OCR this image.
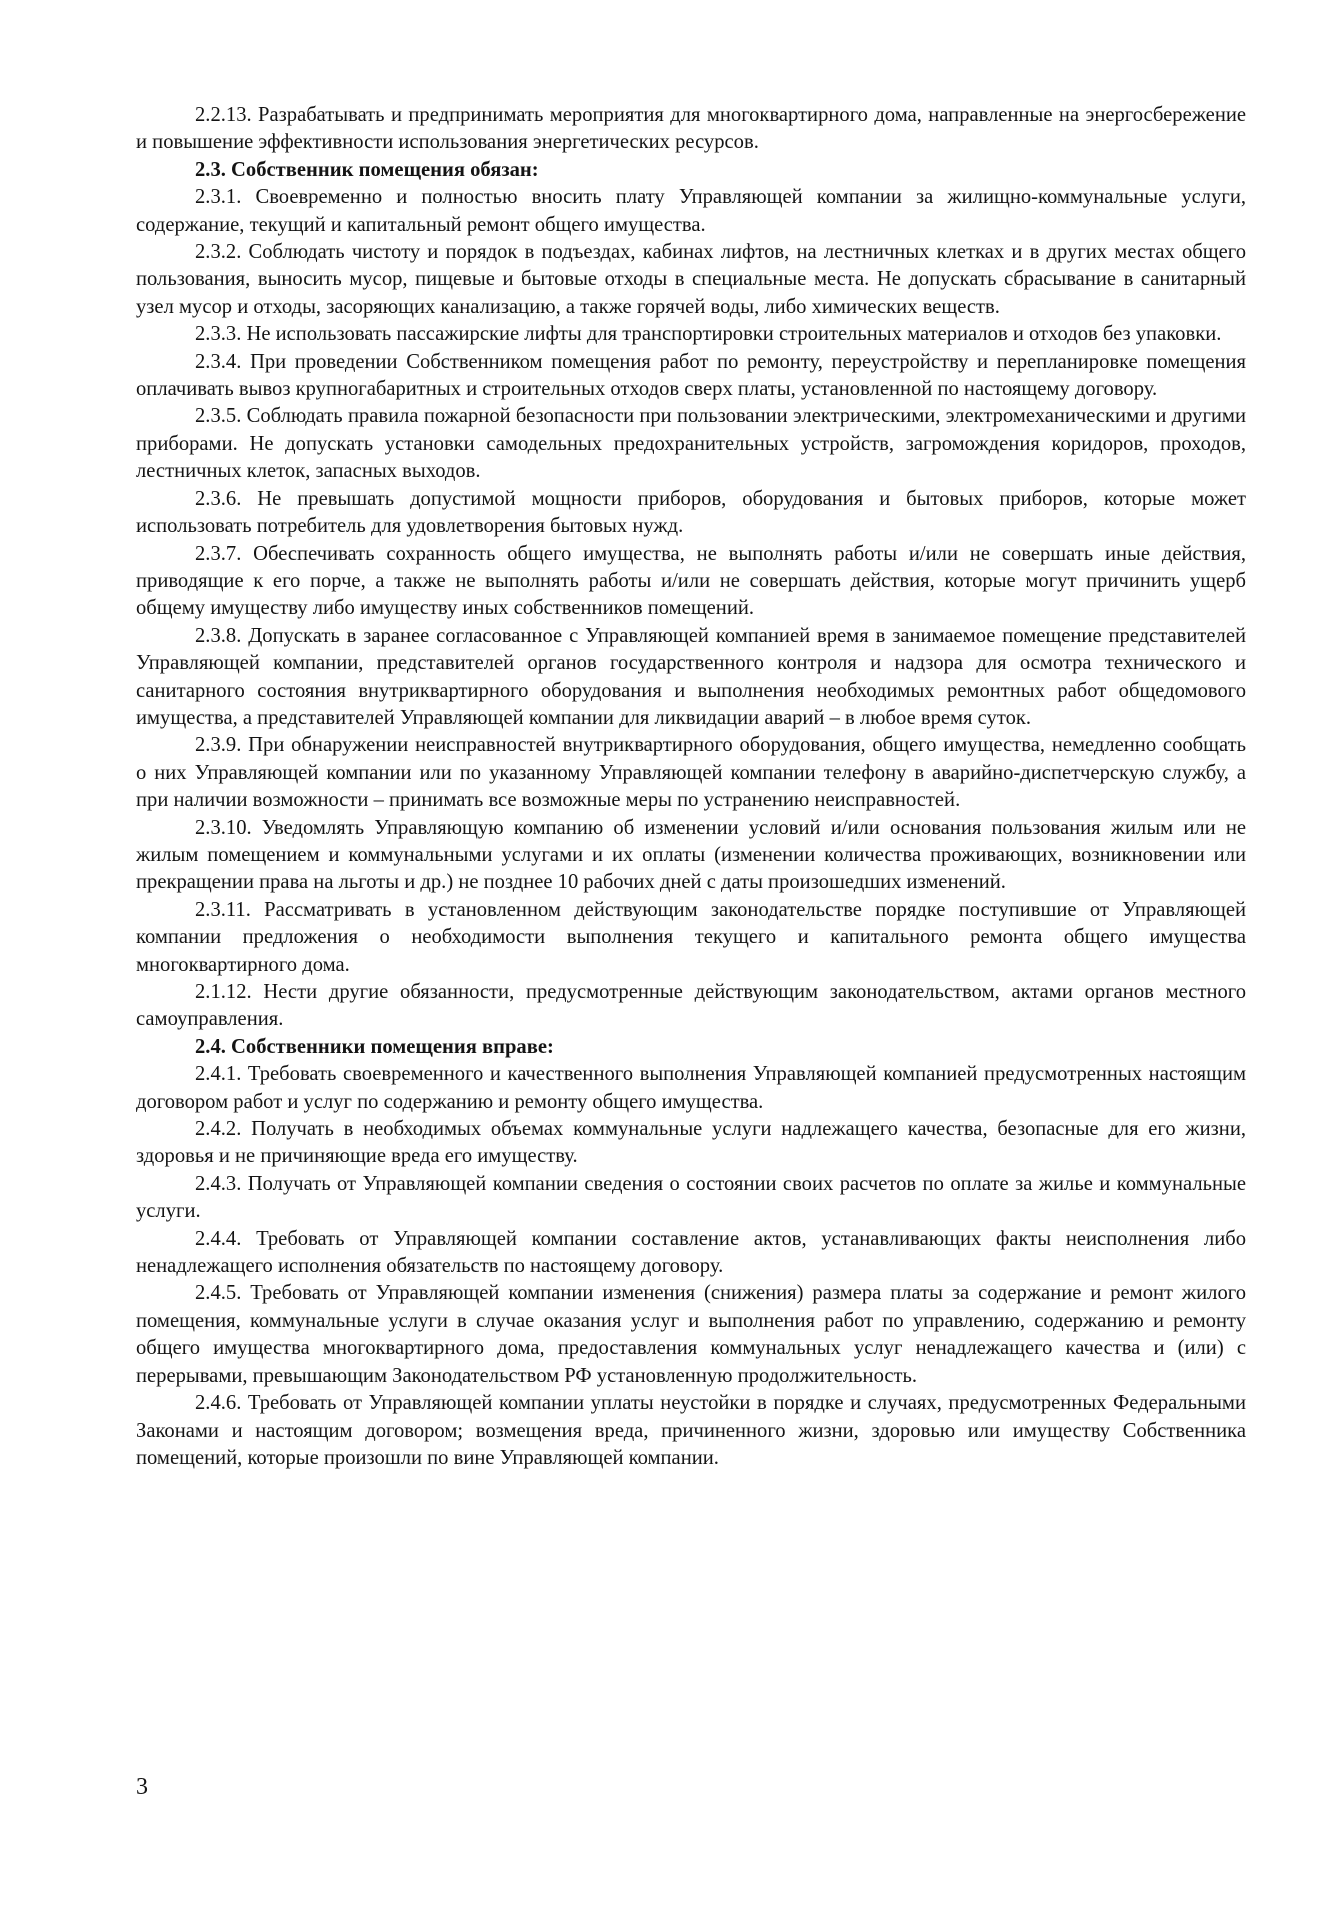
2.2.13. Разрабатывать и предпринимать мероприятия для многоквартирного дома, направленные на энергосбережение и повышение эффективности использования энергетических ресурсов.

2.3. Собственник помещения обязан:

2.3.1. Своевременно и полностью вносить плату Управляющей компании за жилищно-коммунальные услуги, содержание, текущий и капитальный ремонт общего имущества.

2.3.2. Соблюдать чистоту и порядок в подъездах, кабинах лифтов, на лестничных клетках и в других местах общего пользования, выносить мусор, пищевые и бытовые отходы в специальные места. Не допускать сбрасывание в санитарный узел мусор и отходы, засоряющих канализацию, а также горячей воды, либо химических веществ.

2.3.3. Не использовать пассажирские лифты для транспортировки строительных материалов и отходов без упаковки.

2.3.4. При проведении Собственником помещения работ по ремонту, переустройству и перепланировке помещения оплачивать вывоз крупногабаритных и строительных отходов сверх платы, установленной по настоящему договору.

2.3.5. Соблюдать правила пожарной безопасности при пользовании электрическими, электромеханическими и другими приборами. Не допускать установки самодельных предохранительных устройств, загромождения коридоров, проходов, лестничных клеток, запасных выходов.

2.3.6. Не превышать допустимой мощности приборов, оборудования и бытовых приборов, которые может использовать потребитель для удовлетворения бытовых нужд.

2.3.7. Обеспечивать сохранность общего имущества, не выполнять работы и/или не совершать иные действия, приводящие к его порче, а также не выполнять работы и/или не совершать действия, которые могут причинить ущерб общему имуществу либо имуществу иных собственников помещений.

2.3.8. Допускать в заранее согласованное с Управляющей компанией время в занимаемое помещение представителей Управляющей компании, представителей органов государственного контроля и надзора для осмотра технического и санитарного состояния внутриквартирного оборудования и выполнения необходимых ремонтных работ общедомового имущества, а представителей Управляющей компании для ликвидации аварий – в любое время суток.

2.3.9. При обнаружении неисправностей внутриквартирного оборудования, общего имущества, немедленно сообщать о них Управляющей компании или по указанному Управляющей компании телефону в аварийно-диспетчерскую службу, а при наличии возможности – принимать все возможные меры по устранению неисправностей.

2.3.10. Уведомлять Управляющую компанию об изменении условий и/или основания пользования жилым или не жилым помещением и коммунальными услугами и их оплаты (изменении количества проживающих, возникновении или прекращении права на льготы и др.) не позднее 10 рабочих дней с даты произошедших изменений.

2.3.11. Рассматривать в установленном действующим законодательстве порядке поступившие от Управляющей компании предложения о необходимости выполнения текущего и капитального ремонта общего имущества многоквартирного дома.

2.1.12. Нести другие обязанности, предусмотренные действующим законодательством, актами органов местного самоуправления.

2.4. Собственники помещения вправе:

2.4.1. Требовать своевременного и качественного выполнения Управляющей компанией предусмотренных настоящим договором работ и услуг по содержанию и ремонту общего имущества.

2.4.2. Получать в необходимых объемах коммунальные услуги надлежащего качества, безопасные для его жизни, здоровья и не причиняющие вреда его имуществу.

2.4.3. Получать от Управляющей компании сведения о состоянии своих расчетов по оплате за жилье и коммунальные услуги.

2.4.4. Требовать от Управляющей компании составление актов, устанавливающих факты неисполнения либо ненадлежащего исполнения обязательств по настоящему договору.

2.4.5. Требовать от Управляющей компании изменения (снижения) размера платы за содержание и ремонт жилого помещения, коммунальные услуги в случае оказания услуг и выполнения работ по управлению, содержанию и ремонту общего имущества многоквартирного дома, предоставления коммунальных услуг ненадлежащего качества и (или) с перерывами, превышающим Законодательством РФ установленную продолжительность.

2.4.6. Требовать от Управляющей компании уплаты неустойки в порядке и случаях, предусмотренных Федеральными Законами и настоящим договором; возмещения вреда, причиненного жизни, здоровью или имуществу Собственника помещений, которые произошли по вине Управляющей компании.

3
